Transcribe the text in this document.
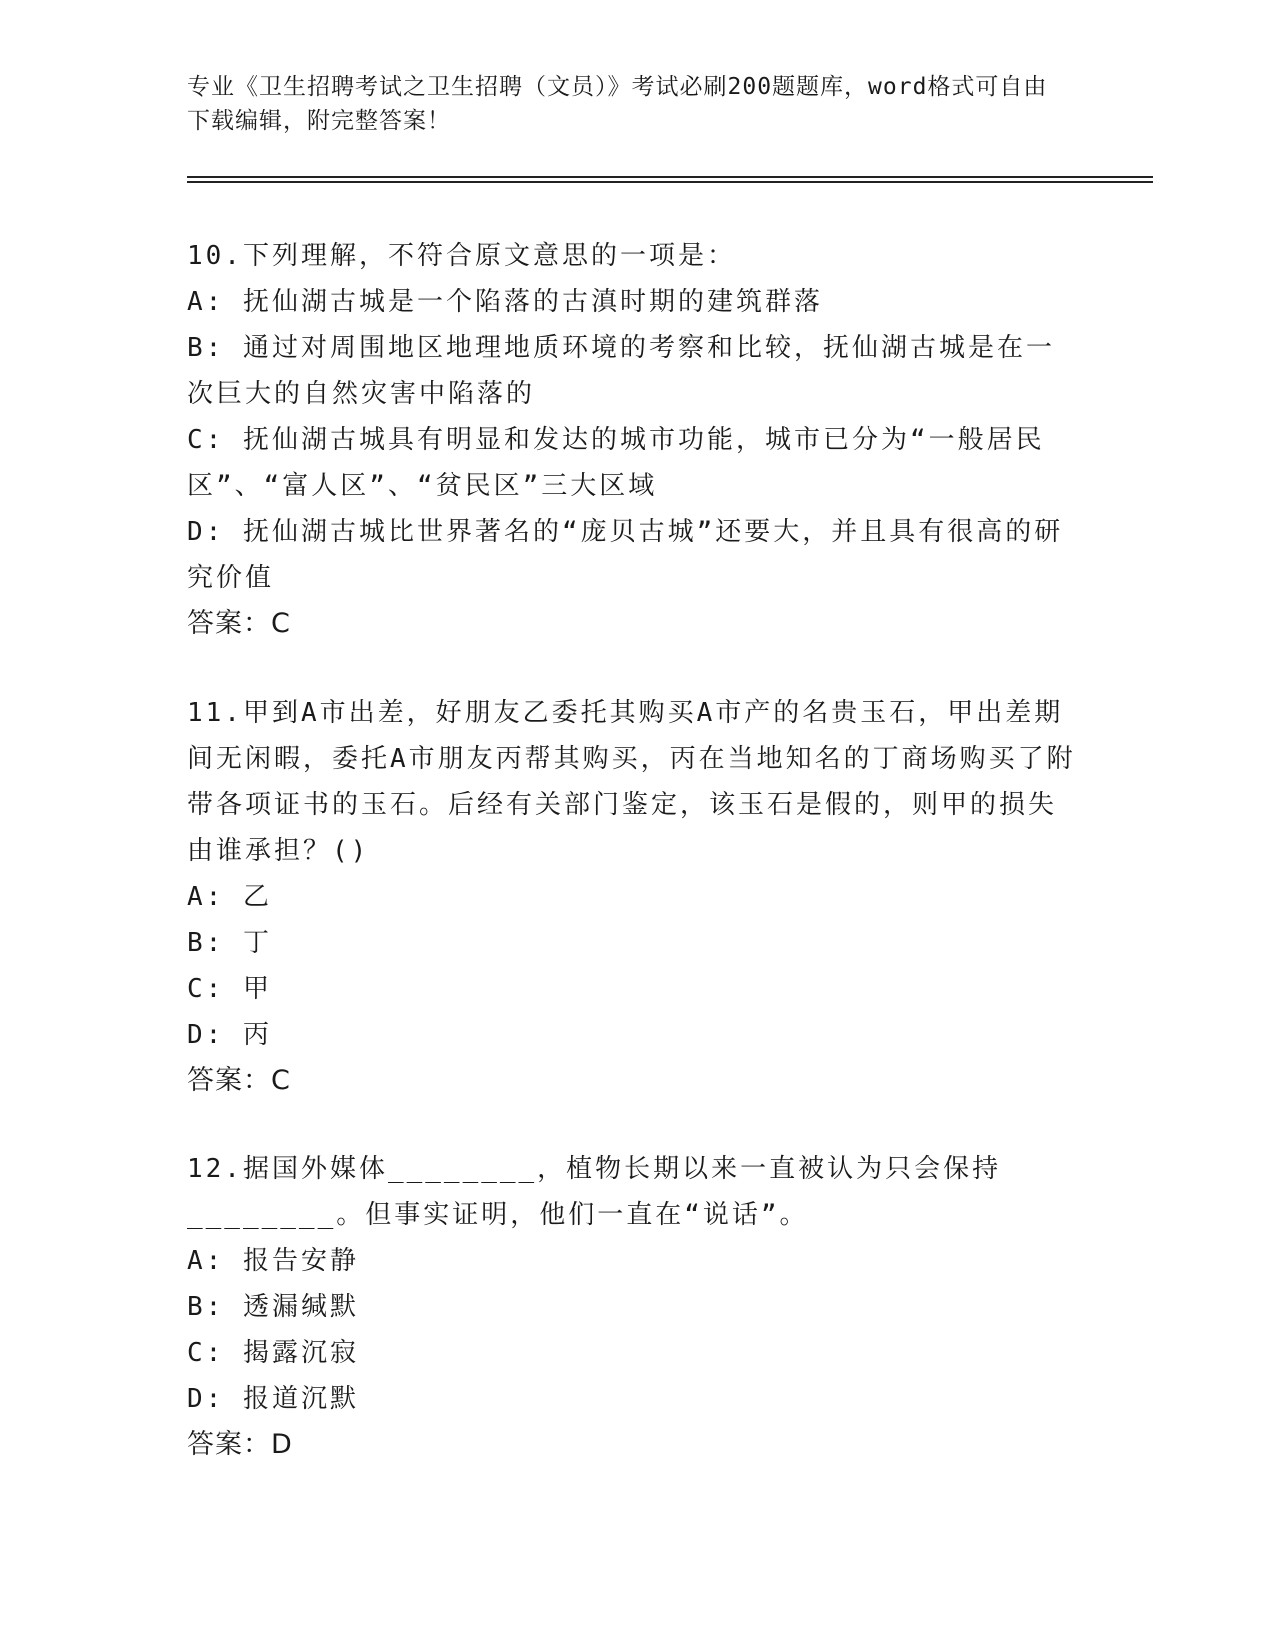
专业《卫生招聘考试之卫生招聘（文员）》考试必刷200题题库，word格式可自由下载编辑，附完整答案！

10.下列理解，不符合原文意思的一项是：

A: 抚仙湖古城是一个陷落的古滇时期的建筑群落

B: 通过对周围地区地理地质环境的考察和比较，抚仙湖古城是在一次巨大的自然灾害中陷落的

C: 抚仙湖古城具有明显和发达的城市功能，城市已分为“一般居民区”、“富人区”、“贫民区”三大区域

D: 抚仙湖古城比世界著名的“庞贝古城”还要大，并且具有很高的研究价值

答案：C

11.甲到A市出差，好朋友乙委托其购买A市产的名贵玉石，甲出差期间无闲暇，委托A市朋友丙帮其购买，丙在当地知名的丁商场购买了附带各项证书的玉石。后经有关部门鉴定，该玉石是假的，则甲的损失由谁承担？()

A: 乙

B: 丁

C: 甲

D: 丙

答案：C

12.据国外媒体________，植物长期以来一直被认为只会保持________。但事实证明，他们一直在“说话”。

A: 报告安静

B: 透漏缄默

C: 揭露沉寂

D: 报道沉默

答案：D
